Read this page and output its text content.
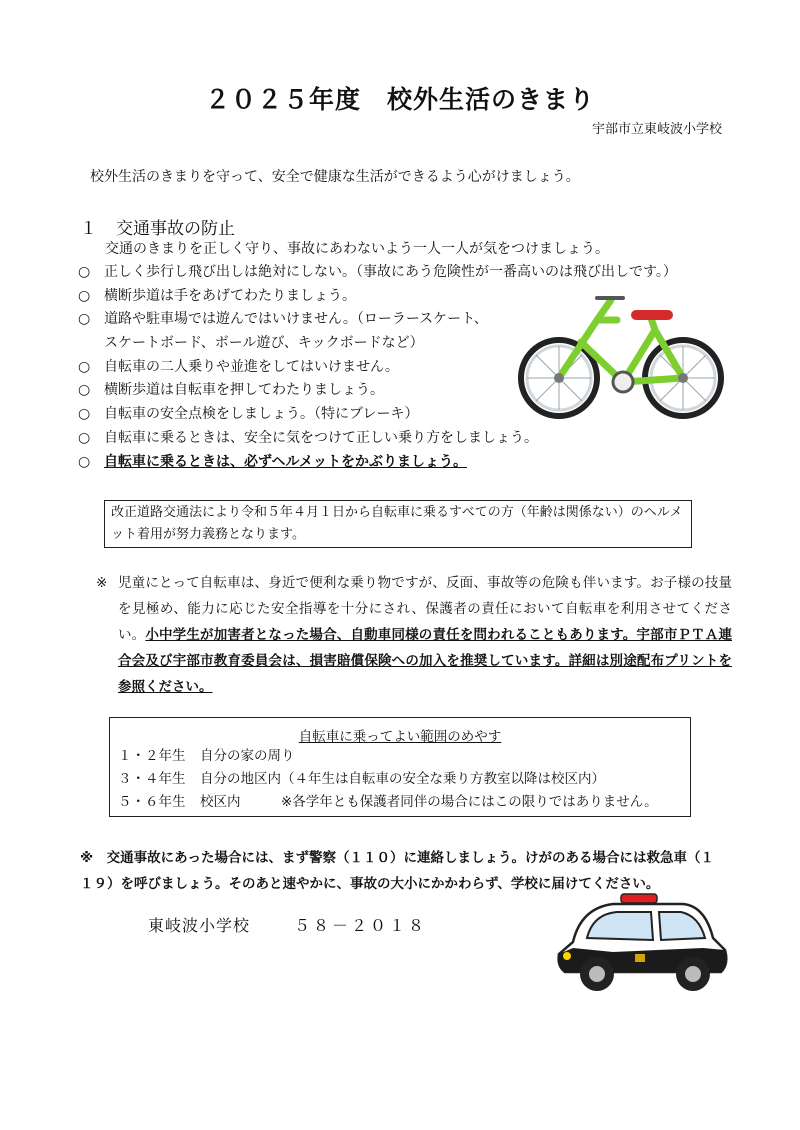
２０２５年度　校外生活のきまり
宇部市立東岐波小学校
校外生活のきまりを守って、安全で健康な生活ができるよう心がけましょう。
１ 交通事故の防止
交通のきまりを正しく守り、事故にあわないよう一人一人が気をつけましょう。
○ 正しく歩行し飛び出しは絶対にしない。（事故にあう危険性が一番高いのは飛び出しです。）
○ 横断歩道は手をあげてわたりましょう。
○ 道路や駐車場では遊んではいけません。（ローラースケート、
スケートボード、ボール遊び、キックボードなど）
○ 自転車の二人乗りや並進をしてはいけません。
○ 横断歩道は自転車を押してわたりましょう。
○ 自転車の安全点検をしましょう。（特にブレーキ）
○ 自転車に乗るときは、安全に気をつけて正しい乗り方をしましょう。
○ 自転車に乗るときは、必ずヘルメットをかぶりましょう。
改正道路交通法により令和５年４月１日から自転車に乗るすべての方（年齢は関係ない）のヘルメット着用が努力義務となります。
※ 児童にとって自転車は、身近で便利な乗り物ですが、反面、事故等の危険も伴います。お子様の技量を見極め、能力に応じた安全指導を十分にされ、保護者の責任において自転車を利用させてください。小中学生が加害者となった場合、自動車同様の責任を問われることもあります。宇部市ＰＴＡ連合会及び宇部市教育委員会は、損害賠償保険への加入を推奨しています。詳細は別途配布プリントを参照ください。
自転車に乗ってよい範囲のめやす
１・２年生 自分の家の周り
３・４年生 自分の地区内（４年生は自転車の安全な乗り方教室以降は校区内）
５・６年生 校区内　　　※各学年とも保護者同伴の場合にはこの限りではありません。
※　交通事故にあった場合には、まず警察（１１０）に連絡しましょう。けがのある場合には救急車（１１９）を呼びましょう。そのあと速やかに、事故の大小にかかわらず、学校に届けてください。
東岐波小学校	５８－２０１８
